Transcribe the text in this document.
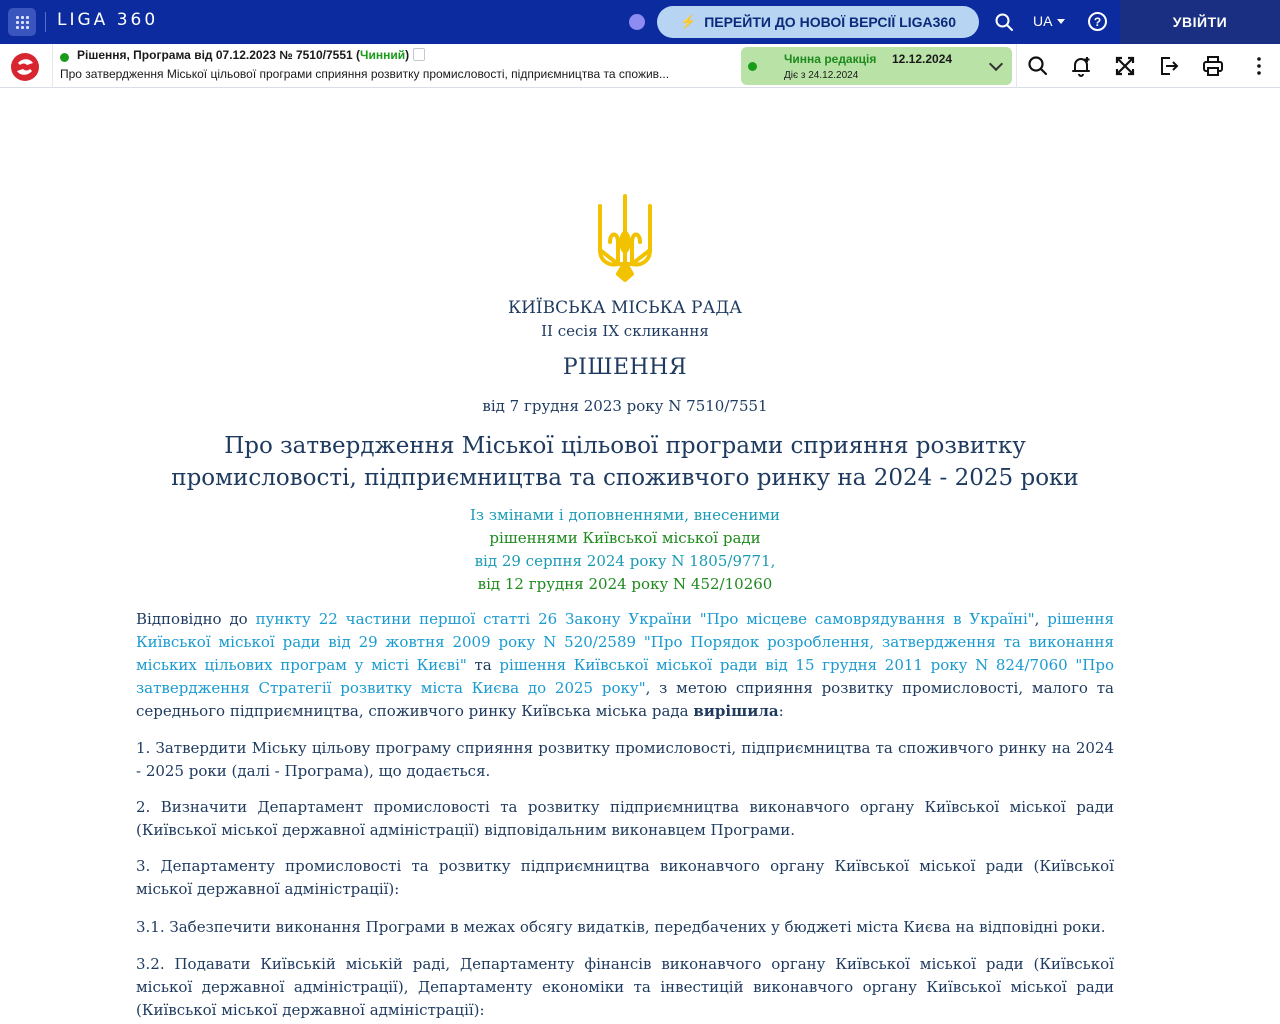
LIGA 360	⚡ ПЕРЕЙТИ ДО НОВОЇ ВЕРСІЇ LIGA360	UA	?	УВІЙТИ
Рішення, Програма від 07.12.2023 № 7510/7551 (Чинний)
Про затвердження Міської цільової програми сприяння розвитку промисловості, підприємництва та спожив...
Чинна редакція 12.12.2024
Діє з 24.12.2024
КИЇВСЬКА МІСЬКА РАДА
II сесія IX скликання
РІШЕННЯ
від 7 грудня 2023 року N 7510/7551
Про затвердження Міської цільової програми сприяння розвитку промисловості, підприємництва та споживчого ринку на 2024 - 2025 роки
Із змінами і доповненнями, внесеними
рішеннями Київської міської ради
від 29 серпня 2024 року N 1805/9771,
від 12 грудня 2024 року N 452/10260
Відповідно до пункту 22 частини першої статті 26 Закону України "Про місцеве самоврядування в Україні", рішення Київської міської ради від 29 жовтня 2009 року N 520/2589 "Про Порядок розроблення, затвердження та виконання міських цільових програм у місті Києві" та рішення Київської міської ради від 15 грудня 2011 року N 824/7060 "Про затвердження Стратегії розвитку міста Києва до 2025 року", з метою сприяння розвитку промисловості, малого та середнього підприємництва, споживчого ринку Київська міська рада вирішила:
1. Затвердити Міську цільову програму сприяння розвитку промисловості, підприємництва та споживчого ринку на 2024 - 2025 роки (далі - Програма), що додається.
2. Визначити Департамент промисловості та розвитку підприємництва виконавчого органу Київської міської ради (Київської міської державної адміністрації) відповідальним виконавцем Програми.
3. Департаменту промисловості та розвитку підприємництва виконавчого органу Київської міської ради (Київської міської державної адміністрації):
3.1. Забезпечити виконання Програми в межах обсягу видатків, передбачених у бюджеті міста Києва на відповідні роки.
3.2. Подавати Київській міській раді, Департаменту фінансів виконавчого органу Київської міської ради (Київської міської державної адміністрації), Департаменту економіки та інвестицій виконавчого органу Київської міської ради (Київської міської державної адміністрації):
